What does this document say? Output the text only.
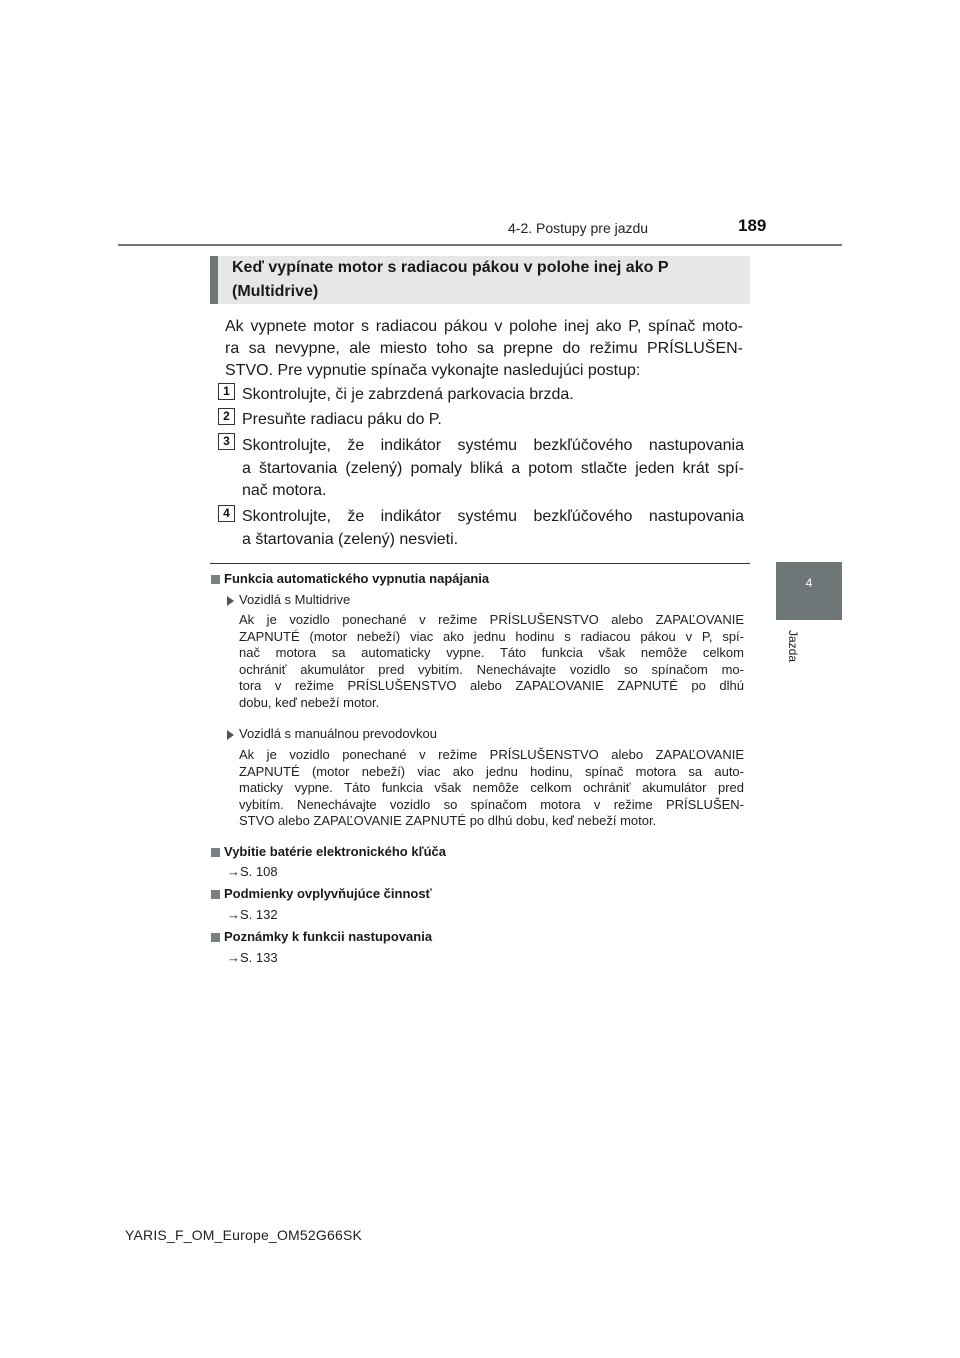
4-2. Postupy pre jazdu	189
4
Jazda
Keď vypínate motor s radiacou pákou v polohe inej ako P
(Multidrive)
Ak vypnete motor s radiacou pákou v polohe inej ako P, spínač moto-
ra sa nevypne, ale miesto toho sa prepne do režimu PRÍSLUŠEN-
STVO. Pre vypnutie spínača vykonajte nasledujúci postup:
1 Skontrolujte, či je zabrzdená parkovacia brzda.
2 Presuňte radiacu páku do P.
3 Skontrolujte, že indikátor systému bezkľúčového nastupovania
a štartovania (zelený) pomaly bliká a potom stlačte jeden krát spí-
nač motora.
4 Skontrolujte, že indikátor systému bezkľúčového nastupovania
a štartovania (zelený) nesvieti.
Funkcia automatického vypnutia napájania
Vozidlá s Multidrive
Ak je vozidlo ponechané v režime PRÍSLUŠENSTVO alebo ZAPAĽOVANIE
ZAPNUTÉ (motor nebeží) viac ako jednu hodinu s radiacou pákou v P, spí-
nač motora sa automaticky vypne. Táto funkcia však nemôže celkom
ochrániť akumulátor pred vybitím. Nenechávajte vozidlo so spínačom mo-
tora v režime PRÍSLUŠENSTVO alebo ZAPAĽOVANIE ZAPNUTÉ po dlhú
dobu, keď nebeží motor.
Vozidlá s manuálnou prevodovkou
Ak je vozidlo ponechané v režime PRÍSLUŠENSTVO alebo ZAPAĽOVANIE
ZAPNUTÉ (motor nebeží) viac ako jednu hodinu, spínač motora sa auto-
maticky vypne. Táto funkcia však nemôže celkom ochrániť akumulátor pred
vybitím. Nenechávajte vozidlo so spínačom motora v režime PRÍSLUŠEN-
STVO alebo ZAPAĽOVANIE ZAPNUTÉ po dlhú dobu, keď nebeží motor.
Vybitie batérie elektronického kľúča
→S. 108
Podmienky ovplyvňujúce činnosť
→S. 132
Poznámky k funkcii nastupovania
→S. 133
YARIS_F_OM_Europe_OM52G66SK
